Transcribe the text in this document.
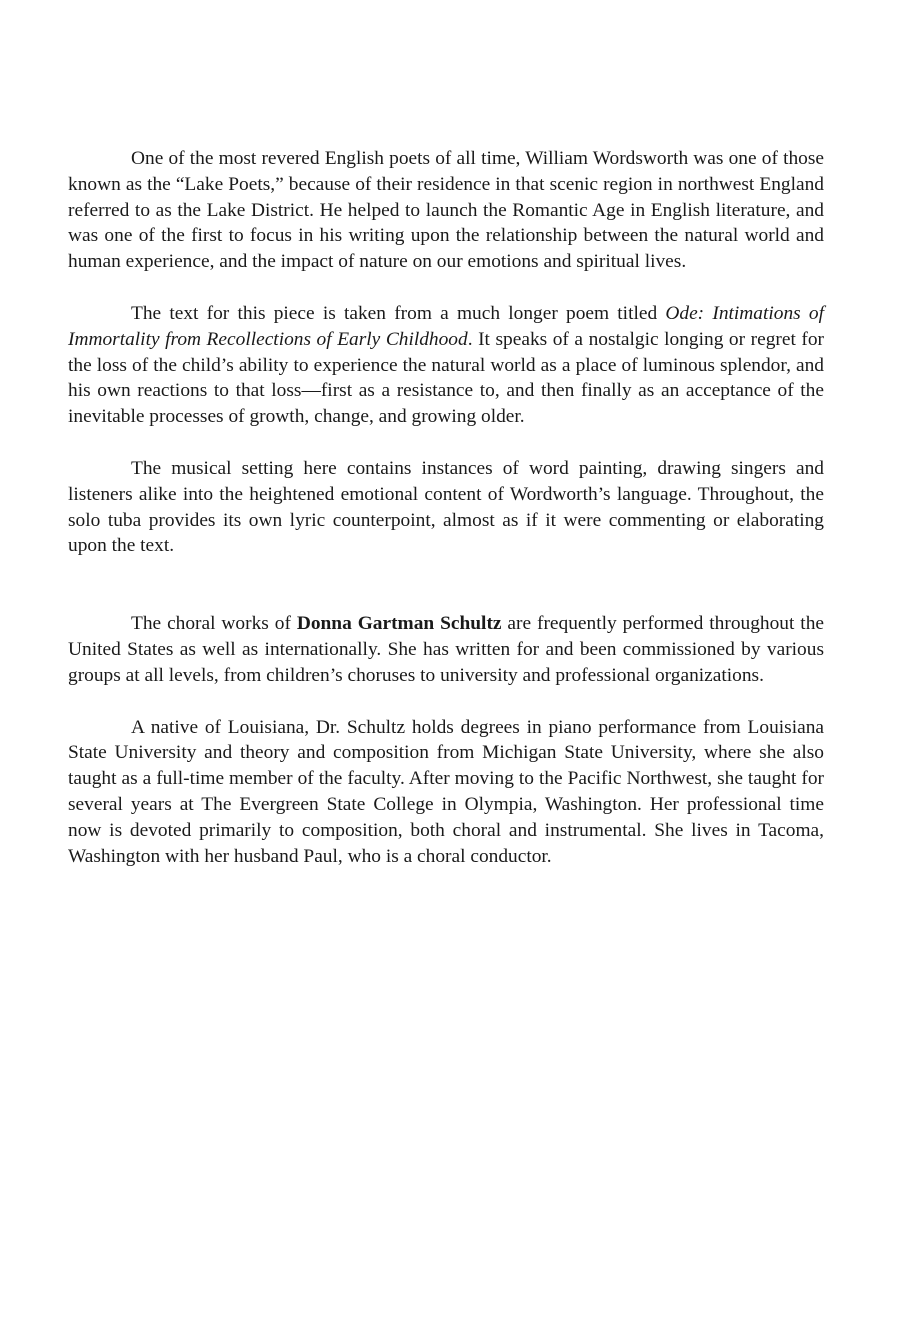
One of the most revered English poets of all time, William Wordsworth was one of those known as the “Lake Poets,” because of their residence in that scenic region in northwest England referred to as the Lake District. He helped to launch the Romantic Age in English literature, and was one of the first to focus in his writing upon the relationship between the natural world and human experience, and the impact of nature on our emotions and spiritual lives.

The text for this piece is taken from a much longer poem titled Ode: Intimations of Immortality from Recollections of Early Childhood. It speaks of a nostalgic longing or regret for the loss of the child’s ability to experience the natural world as a place of luminous splendor, and his own reactions to that loss—first as a resistance to, and then finally as an acceptance of the inevitable processes of growth, change, and growing older.

The musical setting here contains instances of word painting, drawing singers and listeners alike into the heightened emotional content of Wordworth’s language. Throughout, the solo tuba provides its own lyric counterpoint, almost as if it were commenting or elaborating upon the text.

The choral works of Donna Gartman Schultz are frequently performed throughout the United States as well as internationally. She has written for and been commissioned by various groups at all levels, from children’s choruses to university and professional organizations.

A native of Louisiana, Dr. Schultz holds degrees in piano performance from Louisiana State University and theory and composition from Michigan State University, where she also taught as a full-time member of the faculty. After moving to the Pacific Northwest, she taught for several years at The Evergreen State College in Olympia, Washington. Her professional time now is devoted primarily to composition, both choral and instrumental. She lives in Tacoma, Washington with her husband Paul, who is a choral conductor.
